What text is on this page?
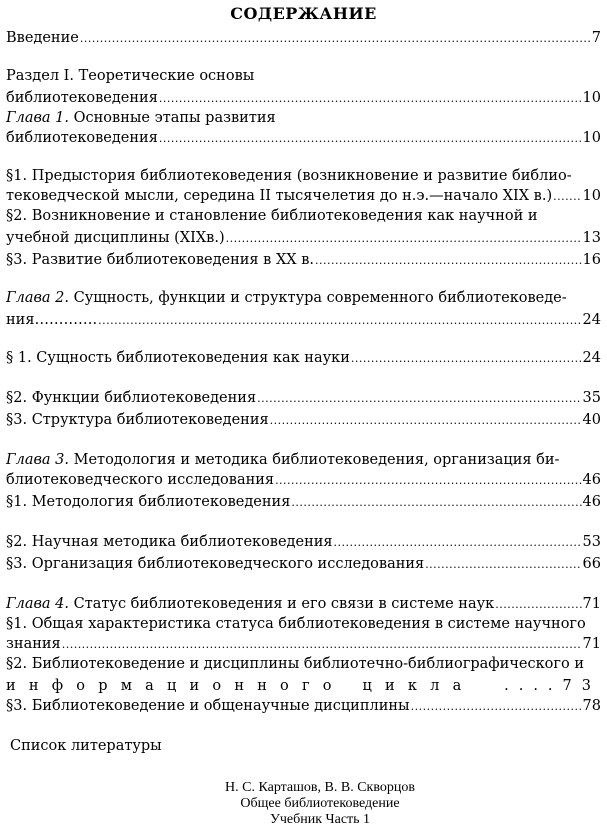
СОДЕРЖАНИЕ
Введение .....	7
Раздел I. Теоретические основы
библиотековедения .....	10
Глава 1. Основные этапы развития
библиотековедения .....	10
§1. Предыстория библиотековедения (возникновение и развитие библио-
тековедческой мысли, середина II тысячелетия до н.э.—начало XIX в.) ..... 10
§2. Возникновение и становление библиотековедения как научной и
учебной дисциплины (XIXв.) .....	13
§3. Развитие библиотековедения в XX в. .....	16
Глава 2. Сущность, функции и структура современного библиотековеде-
ния…………. .....	24
§ 1. Сущность библиотековедения как науки .....	24
§2. Функции библиотековедения .....	35
§3. Структура библиотековедения .....	40
Глава 3. Методология и методика библиотековедения, организация би-
блиотековедческого исследования .....	46
§1. Методология библиотековедения .....	46
§2. Научная методика библиотековедения .....	53
§3. Организация библиотековедческого исследования .....	66
Глава 4. Статус библиотековедения и его связи в системе наук .....	71
§1. Общая характеристика статуса библиотековедения в системе научного
знания .....	71
§2. Библиотековедение и дисциплины библиотечно-библиографического и
информационного цикла ....73
§3. Библиотековедение и общенаучные дисциплины .....	78
Список литературы
Н. С. Карташов, В. В. Скворцов
Общее библиотековедение
Учебник Часть 1
